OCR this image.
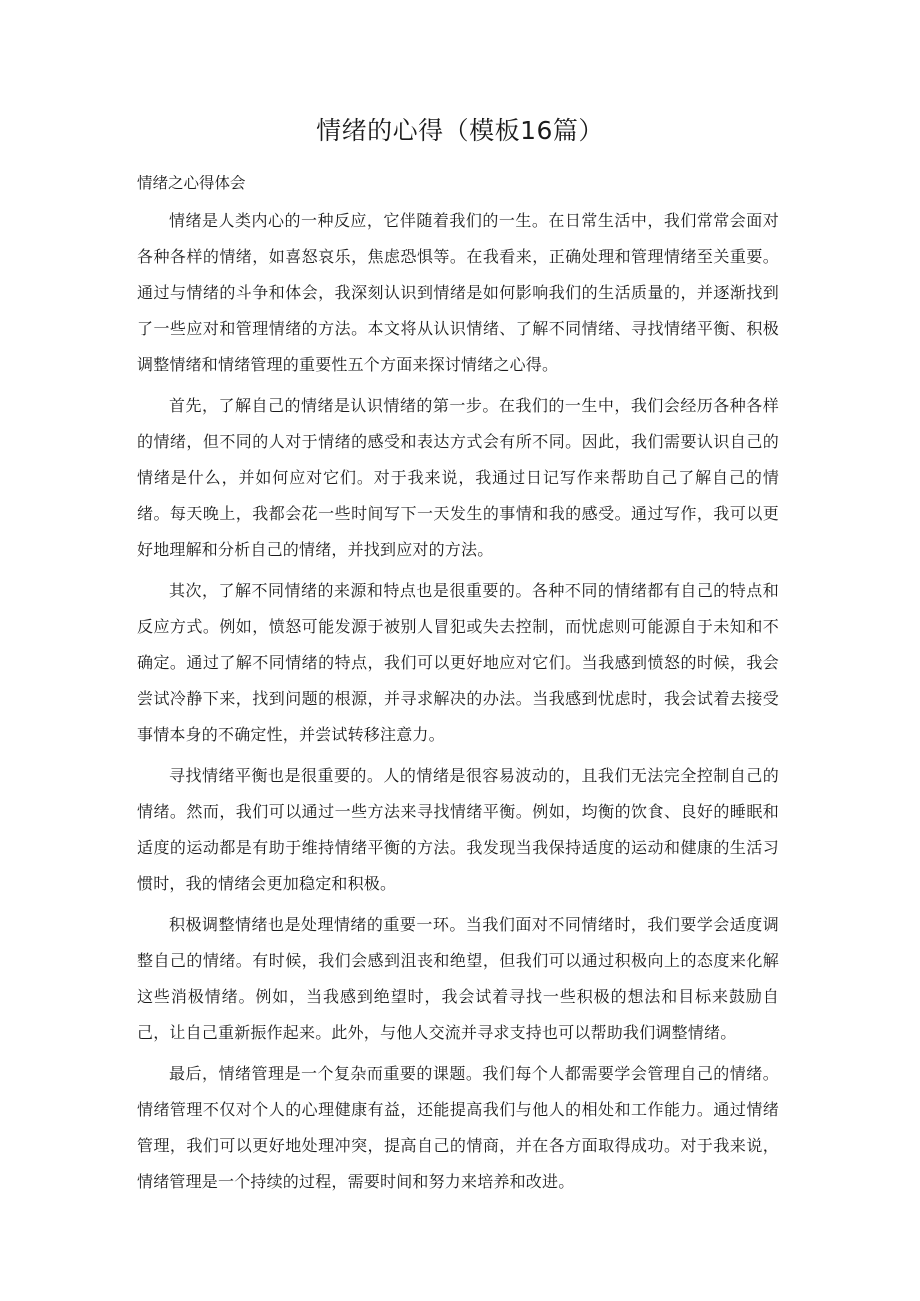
情绪的心得（模板16篇）

情绪之心得体会

情绪是人类内心的一种反应，它伴随着我们的一生。在日常生活中，我们常常会面对各种各样的情绪，如喜怒哀乐，焦虑恐惧等。在我看来，正确处理和管理情绪至关重要。通过与情绪的斗争和体会，我深刻认识到情绪是如何影响我们的生活质量的，并逐渐找到了一些应对和管理情绪的方法。本文将从认识情绪、了解不同情绪、寻找情绪平衡、积极调整情绪和情绪管理的重要性五个方面来探讨情绪之心得。

首先，了解自己的情绪是认识情绪的第一步。在我们的一生中，我们会经历各种各样的情绪，但不同的人对于情绪的感受和表达方式会有所不同。因此，我们需要认识自己的情绪是什么，并如何应对它们。对于我来说，我通过日记写作来帮助自己了解自己的情绪。每天晚上，我都会花一些时间写下一天发生的事情和我的感受。通过写作，我可以更好地理解和分析自己的情绪，并找到应对的方法。

其次，了解不同情绪的来源和特点也是很重要的。各种不同的情绪都有自己的特点和反应方式。例如，愤怒可能发源于被别人冒犯或失去控制，而忧虑则可能源自于未知和不确定。通过了解不同情绪的特点，我们可以更好地应对它们。当我感到愤怒的时候，我会尝试冷静下来，找到问题的根源，并寻求解决的办法。当我感到忧虑时，我会试着去接受事情本身的不确定性，并尝试转移注意力。

寻找情绪平衡也是很重要的。人的情绪是很容易波动的，且我们无法完全控制自己的情绪。然而，我们可以通过一些方法来寻找情绪平衡。例如，均衡的饮食、良好的睡眠和适度的运动都是有助于维持情绪平衡的方法。我发现当我保持适度的运动和健康的生活习惯时，我的情绪会更加稳定和积极。

积极调整情绪也是处理情绪的重要一环。当我们面对不同情绪时，我们要学会适度调整自己的情绪。有时候，我们会感到沮丧和绝望，但我们可以通过积极向上的态度来化解这些消极情绪。例如，当我感到绝望时，我会试着寻找一些积极的想法和目标来鼓励自己，让自己重新振作起来。此外，与他人交流并寻求支持也可以帮助我们调整情绪。

最后，情绪管理是一个复杂而重要的课题。我们每个人都需要学会管理自己的情绪。情绪管理不仅对个人的心理健康有益，还能提高我们与他人的相处和工作能力。通过情绪管理，我们可以更好地处理冲突，提高自己的情商，并在各方面取得成功。对于我来说，情绪管理是一个持续的过程，需要时间和努力来培养和改进。
